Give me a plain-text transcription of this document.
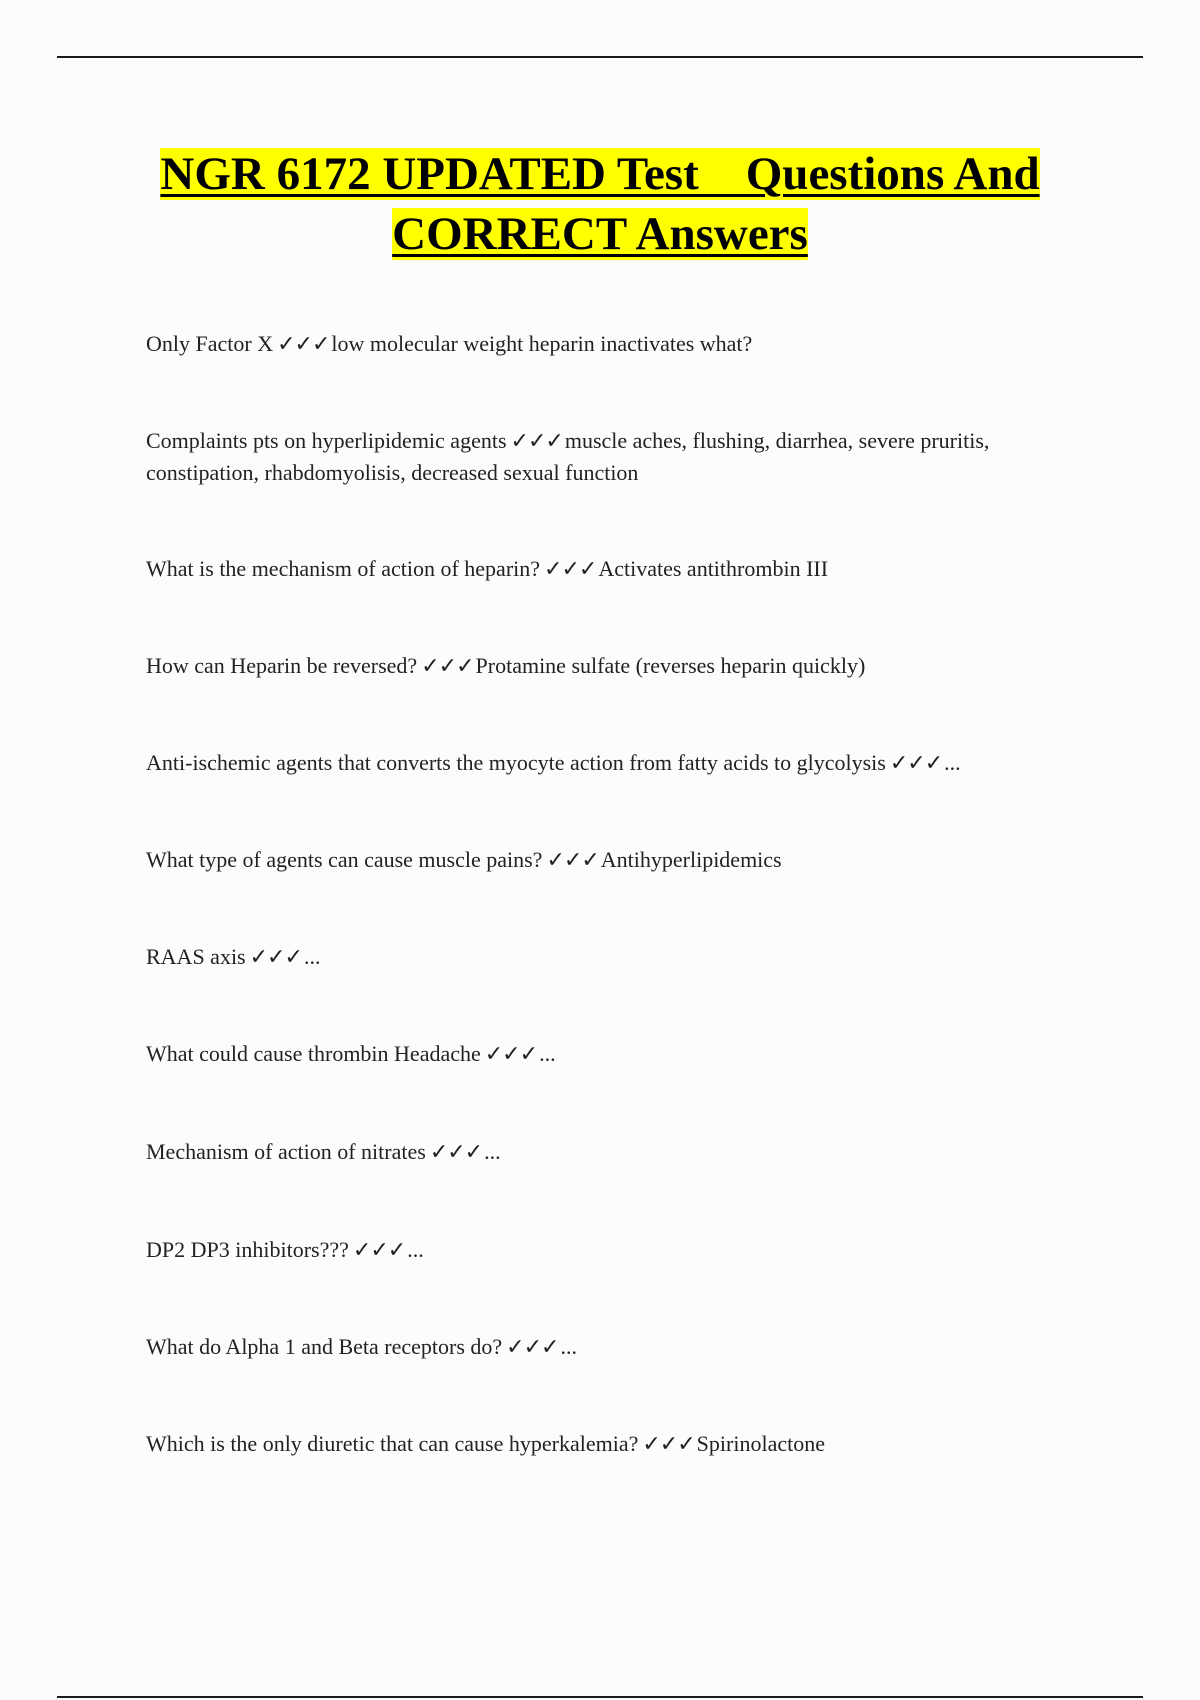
NGR 6172 UPDATED Test    Questions And
CORRECT Answers
Only Factor X ✓✓✓low molecular weight heparin inactivates what?
Complaints pts on hyperlipidemic agents ✓✓✓muscle aches, flushing, diarrhea, severe pruritis, constipation, rhabdomyolisis, decreased sexual function
What is the mechanism of action of heparin? ✓✓✓Activates antithrombin III
How can Heparin be reversed? ✓✓✓Protamine sulfate (reverses heparin quickly)
Anti-ischemic agents that converts the myocyte action from fatty acids to glycolysis ✓✓✓...
What type of agents can cause muscle pains? ✓✓✓Antihyperlipidemics
RAAS axis ✓✓✓...
What could cause thrombin Headache ✓✓✓...
Mechanism of action of nitrates ✓✓✓...
DP2 DP3 inhibitors??? ✓✓✓...
What do Alpha 1 and Beta receptors do? ✓✓✓...
Which is the only diuretic that can cause hyperkalemia? ✓✓✓Spirinolactone
